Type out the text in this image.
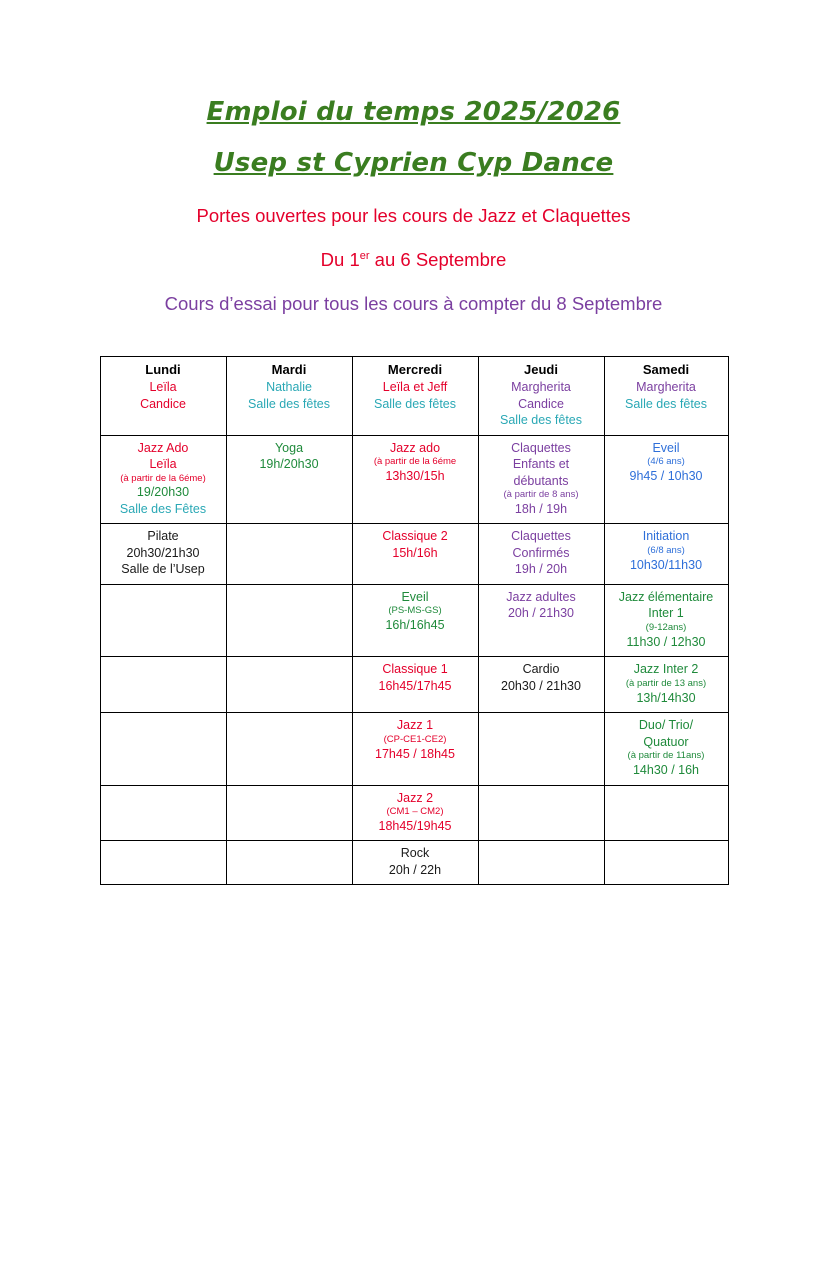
Emploi du temps 2025/2026
Usep st Cyprien Cyp Dance
Portes ouvertes pour les cours de Jazz et Claquettes
Du 1er au 6 Septembre
Cours d’essai pour tous les cours à compter du 8 Septembre
Lundi
Leïla
Candice	Mardi
Nathalie
Salle des fêtes	Mercredi
Leïla et Jeff
Salle des fêtes	Jeudi
Margherita
Candice
Salle des fêtes	Samedi
Margherita
Salle des fêtes

Jazz Ado
Leïla
(à partir de la 6éme)
19/20h30
Salle des Fêtes	Yoga
19h/20h30	Jazz ado
(à partir de la 6éme
13h30/15h	Claquettes
Enfants et
débutants
(à partir de 8 ans)
18h / 19h	Eveil
(4/6 ans)
9h45 / 10h30

Pilate
20h30/21h30
Salle de l’Usep		Classique 2
15h/16h	Claquettes
Confirmés
19h / 20h	Initiation
(6/8 ans)
10h30/11h30

		Eveil
(PS-MS-GS)
16h/16h45	Jazz adultes
20h / 21h30	Jazz élémentaire
Inter 1
(9-12ans)
11h30 / 12h30

		Classique 1
16h45/17h45	Cardio
20h30 / 21h30	Jazz Inter 2
(à partir de 13 ans)
13h/14h30

		Jazz 1
(CP-CE1-CE2)
17h45 / 18h45		Duo/ Trio/
Quatuor
(à partir de 11ans)
14h30 / 16h

		Jazz 2
(CM1 – CM2)
18h45/19h45		

		Rock
20h / 22h		
